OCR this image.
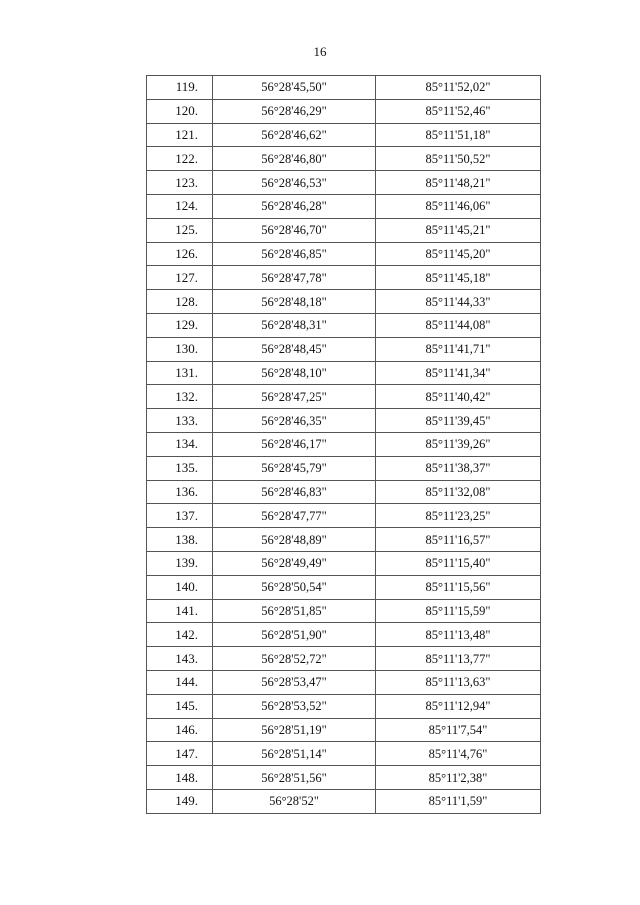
16
119.	56°28'45,50"	85°11'52,02"
120.	56°28'46,29"	85°11'52,46"
121.	56°28'46,62"	85°11'51,18"
122.	56°28'46,80"	85°11'50,52"
123.	56°28'46,53"	85°11'48,21"
124.	56°28'46,28"	85°11'46,06"
125.	56°28'46,70"	85°11'45,21"
126.	56°28'46,85"	85°11'45,20"
127.	56°28'47,78"	85°11'45,18"
128.	56°28'48,18"	85°11'44,33"
129.	56°28'48,31"	85°11'44,08"
130.	56°28'48,45"	85°11'41,71"
131.	56°28'48,10"	85°11'41,34"
132.	56°28'47,25"	85°11'40,42"
133.	56°28'46,35"	85°11'39,45"
134.	56°28'46,17"	85°11'39,26"
135.	56°28'45,79"	85°11'38,37"
136.	56°28'46,83"	85°11'32,08"
137.	56°28'47,77"	85°11'23,25"
138.	56°28'48,89"	85°11'16,57"
139.	56°28'49,49"	85°11'15,40"
140.	56°28'50,54"	85°11'15,56"
141.	56°28'51,85"	85°11'15,59"
142.	56°28'51,90"	85°11'13,48"
143.	56°28'52,72"	85°11'13,77"
144.	56°28'53,47"	85°11'13,63"
145.	56°28'53,52"	85°11'12,94"
146.	56°28'51,19"	85°11'7,54"
147.	56°28'51,14"	85°11'4,76"
148.	56°28'51,56"	85°11'2,38"
149.	56°28'52"	85°11'1,59"
